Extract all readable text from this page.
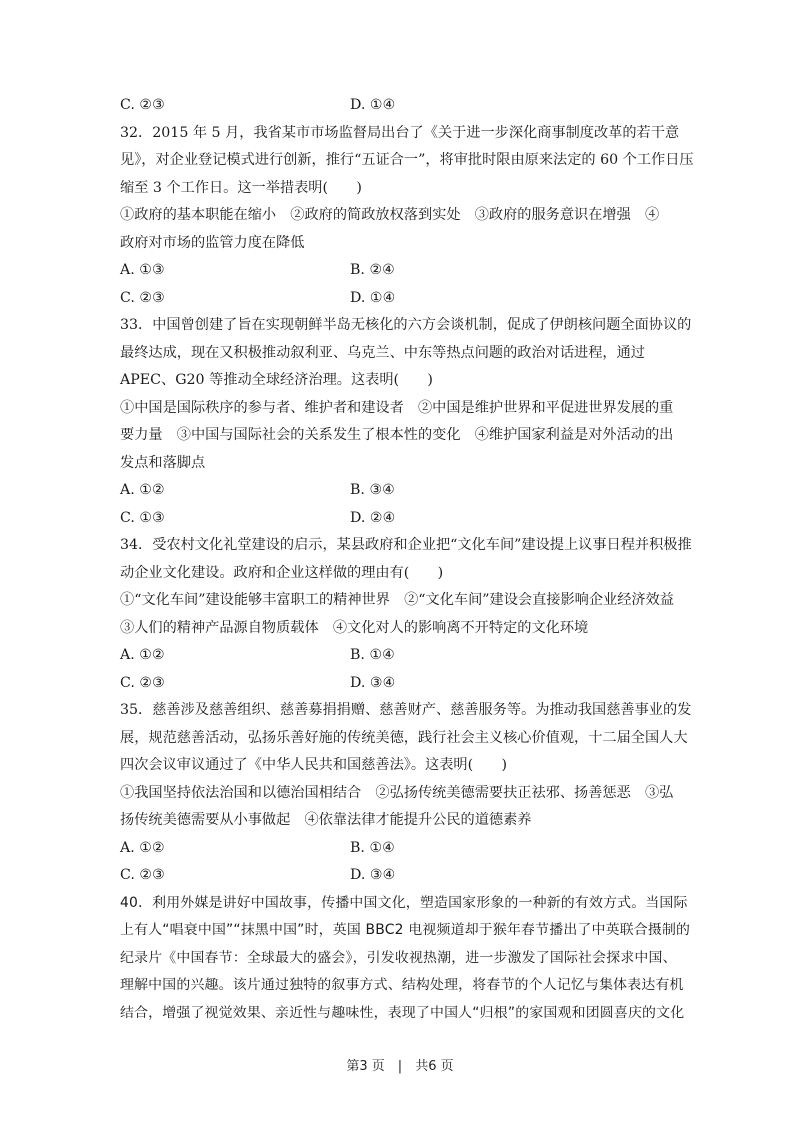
C. ②③	D. ①④
32．2015 年 5 月，我省某市市场监督局出台了《关于进一步深化商事制度改革的若干意
见》，对企业登记模式进行创新，推行“五证合一”，将审批时限由原来法定的 60 个工作日压
缩至 3 个工作日。这一举措表明(　　)
①政府的基本职能在缩小　②政府的简政放权落到实处　③政府的服务意识在增强　④
政府对市场的监管力度在降低
A. ①③	B. ②④
C. ②③	D. ①④
33．中国曾创建了旨在实现朝鲜半岛无核化的六方会谈机制，促成了伊朗核问题全面协议的
最终达成，现在又积极推动叙利亚、乌克兰、中东等热点问题的政治对话进程，通过
APEC、G20 等推动全球经济治理。这表明(　　)
①中国是国际秩序的参与者、维护者和建设者　②中国是维护世界和平促进世界发展的重
要力量　③中国与国际社会的关系发生了根本性的变化　④维护国家利益是对外活动的出
发点和落脚点
A. ①②	B. ③④
C. ①③	D. ②④
34．受农村文化礼堂建设的启示，某县政府和企业把“文化车间”建设提上议事日程并积极推
动企业文化建设。政府和企业这样做的理由有(　　)
①“文化车间”建设能够丰富职工的精神世界　②“文化车间”建设会直接影响企业经济效益
③人们的精神产品源自物质载体　④文化对人的影响离不开特定的文化环境
A. ①②	B. ①④
C. ②③	D. ③④
35．慈善涉及慈善组织、慈善募捐捐赠、慈善财产、慈善服务等。为推动我国慈善事业的发
展，规范慈善活动，弘扬乐善好施的传统美德，践行社会主义核心价值观，十二届全国人大
四次会议审议通过了《中华人民共和国慈善法》。这表明(　　)
①我国坚持依法治国和以德治国相结合　②弘扬传统美德需要扶正祛邪、扬善惩恶　③弘
扬传统美德需要从小事做起　④依靠法律才能提升公民的道德素养
A. ①②	B. ①④
C. ②③	D. ③④
40．利用外媒是讲好中国故事，传播中国文化，塑造国家形象的一种新的有效方式。当国际
上有人“唱衰中国”“抹黑中国”时，英国 BBC2 电视频道却于猴年春节播出了中英联合摄制的
纪录片《中国春节：全球最大的盛会》，引发收视热潮，进一步激发了国际社会探求中国、
理解中国的兴趣。该片通过独特的叙事方式、结构处理，将春节的个人记忆与集体表达有机
结合，增强了视觉效果、亲近性与趣味性，表现了中国人“归根”的家国观和团圆喜庆的文化
第3 页　|　共6 页
